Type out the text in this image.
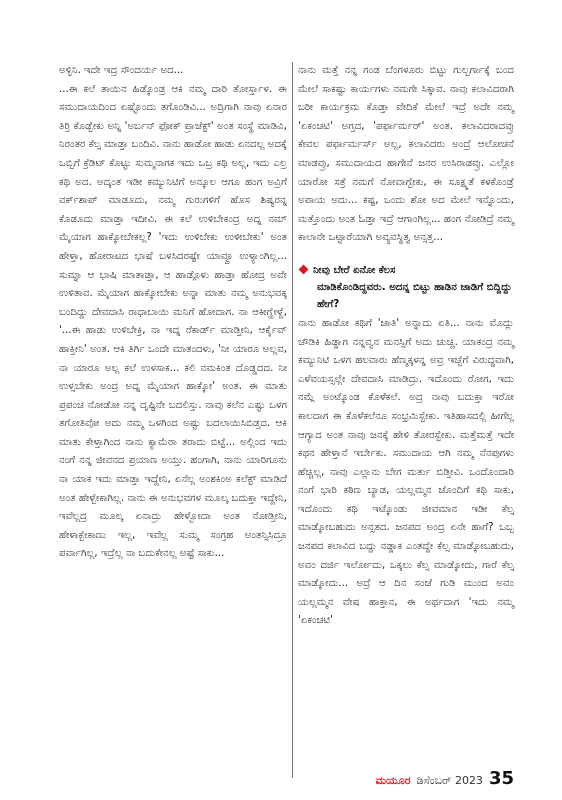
ಅಳ್ಳಿನಿ. ಇದೇ ಇದ್ರ ಸೌಂದರ್ಯ ಅದ...

...ಈ ಕಲೆ ತಾಯಿನ ಹಿಡ್ಕೊಂಡ್ರ ಆಕಿ ನಮ್ಮ ದಾರಿ ತೋರ್ಸ್ತಾಳ. ಈ ಸಮುದಾಯದಿಂದ ಏಷ್ಟೊಂದು ತಗೊಂಡಿವಿ... ಅದ್ರಿಗಾಗಿ ನಾವು ಏನಾರ ತಿರ್ರಿ ಕೊಡ್ಬೇಕು ಅನ್ನಿ 'ಅರ್ಬನ್ ಫೋಕ್ ಪ್ರಾಜೆಕ್ಟ್' ಅಂತ ಸಂಸ್ಥೆ ಮಾಡಿವಿ, ನಿರಂತರ ಕೆಲ್ಸ ಮಾಡ್ತಾ ಬಂದಿವಿ. ನಾನು ಹಾಡೋ ಹಾಡು ಏನದಲ್ಲ ಅದಕ್ಕೆ ಒಬ್ಬಿಗೆ ಕ್ರೆಡಿಟ್ ಕೊಟ್ಟು ಸುಮ್ಮನಾಗಕ ಇದು ಒಬ್ರ ಕಥಿ ಅಲ್ಲ, ಇದು ಎಲ್ರ ಕಥಿ ಅದ. ಅದ್ಕಂತ ಇಡೀ ಕಮ್ಯುನಿಟಿಗೆ ಅನ್ಕೂಲ ಆಗೂ ಹಂಗ ಅವ್ರಿಗೆ ವರ್ಕ್‌ಶಾಪ್ ಮಾಡೂದು, ನಮ್ಮ ಗುರುಗಳಿಗೆ ಹೊಸ ಶಿಷ್ಯರನ್ನ ಕೊಡೂದು ಮಾಡ್ತಾ ಇದೀವಿ. ಈ ಕಲೆ ಉಳಿಬೇಕಂದ್ರ ಅದ್ನ ನಮ್ ಮೈಯಾಗ ಹಾಕ್ಕೋಬೇಕಲ್ಲ? 'ಇದು ಉಳಿಬೇಕು ಉಳೀಬೇಕು' ಅಂತ ಹೇಳ್ತಾ, ಹೋರಾಟದ ಭಾಷೆ ಬಳಸಿದರಷ್ಟೇ ಯಾವ್ದೂ ಉಳ್ಯಾಂಗಿಲ್ಲ... ಸುಮ್ನಾ ಆ ಭಾಷಿ ಮಾತಾಡ್ತಾ, ಆ ಹಾಡ್ಗೊಳು ಹಾಡ್ತಾ ಹೋದ್ರ ಅವೇ ಉಳಿತಾವ. ಮೈಯಾಗ ಹಾಕ್ಕೋಬೇಕು ಅನ್ನಾ ಮಾತು ನಮ್ಮ ಅನುಭವಕ್ಕ ಬಂದಿದ್ದು ದೇವದಾಸಿ ರಾಧಾಬಾಯಿ ಮನಿಗೆ ಹೋದಾಗ. ನಾ ಆಕೀಗ್ಹೇಳ್ದೆ, '...ಈ ಹಾಡು ಉಳಿಬೇಕ್ರಿ, ನಾ ಇದ್ನ ರೆಕಾರ್ಡ್ ಮಾಡ್ತೀನಿ, ಆರ್ಕೈವ್ ಹಾಕ್ತೀನಿ' ಅಂತ. ಆಕಿ ತಿರ್ಗಿ ಒಂದೇ ಮಾತಂದಳು, 'ನೀ ಯಾರೂ ಅಲ್ಲವ, ನಾ ಯಾರೂ ಅಲ್ಲ ಕಲೆ ಉಳಸಾಕ... ಕಲಿ ನಮಕಿಂತ ದೊಡ್ಡದದ. ನೀ ಉಳ್ಸಬೇಕು ಅಂದ್ರ ಅದ್ನ ಮೈಯಾಗ ಹಾಕ್ಕೋ' ಅಂತ. ಈ ಮಾತು ಪ್ರಪಂಚ ನೋಡೋ ನನ್ನ ದೃಷ್ಟಿನೇ ಬದಲಿಸ್ತು. ನಾವು ಕಲೆನ ಎಷ್ಟು ಒಳಗ ತಗೋತಿವೋ ಅದು ನಮ್ಮ ಒಳಗಿಂದ ಅಷ್ಟು ಬದಲಾಯಿಸಿಬಿಡ್ತದ. ಆಕಿ ಮಾತು ಕೇಳ್ತಾಗಿಂದ ನಾನು ಕ್ಯಾಮೆರಾ ತರಾದು ಬಿಟ್ಟೆ... ಅಲ್ಲಿಂದ ಇದು ನಂಗೆ ನನ್ನ ಜೀವನದ ಪ್ರಯಾಣ ಅಯ್ತು. ಹಂಗಾಗಿ, ನಾನು ಯಾರಿಗೂನು ನಾ ಯಾಕ ಇದು ಮಾಡ್ತಾ ಇದ್ದೇನಿ, ಏನೆಲ್ಲ ಅಂಶಕಿಂಅ ಕಲೆಕ್ಟ್ ಮಾಡಿದೆ ಅಂತ ಹೇಳ್ಬೇಕಾಗಿಲ್ಲ. ನಾನು ಈ ಅನುಭವಗಳ ಮೂಲ್ಕ ಬದುಕ್ತಾ ಇದ್ದೇನಿ, ಇವೆಲ್ಲದ್ರ ಮೂಲ್ಕ ಏನಾದ್ರು ಹೇಳ್ಬೋದಾ ಅಂತ ನೋಡ್ತೀನಿ, ಹೇಳಾಕ್ಬೇಕಾಣು ಇಲ್ಲ, ಇವೆಲ್ಲ ಸುಮ್ಮ ಸಂಗ್ರಹ ಅಂತನ್ಸಿಸಿದ್ರೂ ಪರ್ವಾಗಿಲ್ಲ, ಇದ್ರೆಲ್ಲ ನಾ ಬದುಕೇನಲ್ಲ ಅಷ್ಟೆ ಸಾಕು...

ನಾನು ಮತ್ತೆ ನನ್ನ ಗಂಡ ಬೆಂಗಳೂರು ಬಿಟ್ಟು ಗುಲ್ಬರ್ಗಾಕ್ಕೆ ಬಂದ ಮೇಲೆ ಸಾಕಷ್ಟು ಕಾರ್ಯಗಳು ನಮಗೇ ಸಿಕ್ಕಾವ. ನಾವು ಕಲಾವಿದರಾಗಿ ಬರೀ ಕಾರ್ಯಕ್ರಮ ಕೊಡ್ತಾ ವೇದಿಕೆ ಮೇಲೆ ಇದ್ರೆ ಅದೇ ನಮ್ಮ 'ಏಕಂಚಟಿ' ಅಗ್ತದ, 'ಪರ್ಫಾರ್ಮರ್' ಅಂತ. ಕಲಾವಿದರಾದವ್ರು ಕೇವಲ ಪರ್ಫಾರ್ಮರ್ಸ್ ಅಲ್ಲ, ಕಲಾವಿದರು ಅಂದ್ರೆ ಆಲೋಚನೆ ಮಾಡವ್ರು, ಸಮುದಾಯದ ಹಾಗೇನೆ ಜನರ ಉಸಿರಾಡವ್ರು. ಎಲ್ಲೋ ಯಾರೋ ಸತ್ರೆ ನಮಗೆ ನೋವಾಗ್ಬೇಕು, ಈ ಸೂಕ್ಷ್ಮತೆ ಕಳಕೊಂಡ್ರೆ ಅಪಾಯ ಅದು... ಕಷ್ಟ, ಒಂದು ಶೋ ಅದ ಮೇಲೆ ಇನ್ನೊಂದು, ಮತ್ತೊಂದು ಅಂತ ಓಡ್ತಾ ಇದ್ರೆ ಆಗಾಂಗಿಲ್ಲ... ಹಂಗ ನೋಡಿದ್ರೆ ನಮ್ಮ ಕಾಲಾನೇ ಒಟ್ಟಾರೆಯಾಗಿ ಅವ್ಯವಸ್ಥಿತ್ವ ಅನ್ಸತ್ತ...

ನೀವು ಬೇರೆ ಏನೋ ಕೆಲಸ
ಮಾಡಿಕೊಂಡಿದ್ದವರು. ಅದನ್ನ ಬಿಟ್ಟು ಹಾಡಿನ ಜಾಡಿಗೆ ಬಿದ್ದಿದ್ದು ಹೇಗೆ?

ನಾನು ಹಾಡೋ ಕಥಿಗೆ 'ಜಾತಿ' ಅನ್ನಾದು ಏತಿ... ನಾನು ಮೊದ್ಲು ಚೌಡಿಕಿ ಹಿಡ್ಡಾಗ ನನ್ನವ್ವನ ಮನಸ್ಸಿಗೆ ಅದು ಚುಚ್ಚಿ. ಯಾಕಂದ್ರ ನಮ್ಮ ಕಮ್ಯುನಿಟಿ ಒಳಗ ಹಲವಾರು ಹೆಣ್ಮಕ್ಕಳನ್ನ ಅವ್ರ ಇಚ್ಛೆಗೆ ವಿರುದ್ಧವಾಗಿ, ಎಳೆವಯಸ್ಸಲ್ಲೇ ದೇವದಾಸಿ ಮಾಡಿದ್ರು. ಇದೊಂದು ರೋಗ, ಇದು ನಮ್ಗೆ ಅಂಟ್ಕೊಂಡ ಕೊಳೆಕಲೆ. ಅದ್ರ ನಾವು ಬದುಕ್ತಾ ಇರೋ ಕಾಲದಾಗ ಈ ಕೊಳೆಕಲೆನೂ ಸಂಭ್ರಮಿಸ್ಬೇಕು. ಇತಿಹಾಸದಲ್ಲಿ ಹೀಗೆಲ್ಲ ಆಗ್ಯಾದ ಅಂತ ನಾವು ಜನಕ್ಕೆ ಹೇಳಿ ತೋರಸ್ಬೇಕು. ಮತ್ತೆಮತ್ತೆ ಇದೇ ಕಥನ ಹೇಳ್ತಾನೆ ಇರ್ಬೇಕು. ಸಮುದಾಯ ಆಗಿ ನಮ್ಮ ನೆನಪುಗಳು ಹೆಚ್ಚಿಲ್ಲ, ನಾವು ಎಲ್ಲಾನು ಬೇಗ ಮರ್ತು ಬಿಡ್ತೀವಿ. ಒಂದೊಂದಾರಿ ನಂಗೆ ಭಾರಿ ಕಠಿಣ ಬ್ಯಾಡ, ಯಲ್ಲಮ್ಮನ ಜೊಂದಿಗೆ ಕಥಿ ಸಾಕು, ಇದೊಂದು ಕಥಿ ಇಟ್ಕೊಂಡು ಜೀವಮಾನ ಇಡೀ ಕೆಲ್ಸ ಮಾಡ್ಕೋಬಹುದು ಅನ್ಸತದ. ಜನಪದ ಅಂದ್ರ ಏನೇ ಹಾಗೆ? ಒಬ್ಬ ಜನಪದ ಕಲಾವಿದ ಬದ್ದು ನಡ್ಡಾಕ ಎಂತದ್ದೇ ಕೆಲ್ಸ ಮಾಡ್ಕೋಬಹುದು, ಅವಂ ದರ್ಜಿ ಇರ್ಲೋದು, ಒಕ್ಕಲು ಕೆಲ್ಸ ಮಾಡ್ಕೋದು, ಗಾರೆ ಕೆಲ್ಸ ಮಾಡ್ಕೋದು... ಅದ್ರೆ ಆ ದಿನ ಸಂಜೆ ಗುಡಿ ಮುಂದ ಅವಂ ಯಲ್ಲಮ್ಮನ ವೇಷ ಹಾಕ್ತಾನ, ಈ ಅರ್ಥದಾಗ 'ಇದು ನಮ್ಮ 'ಏಕಂಚಟಿ'

ಮಯೂರ ಡಿಸೆಂಬರ್ 2023 35
